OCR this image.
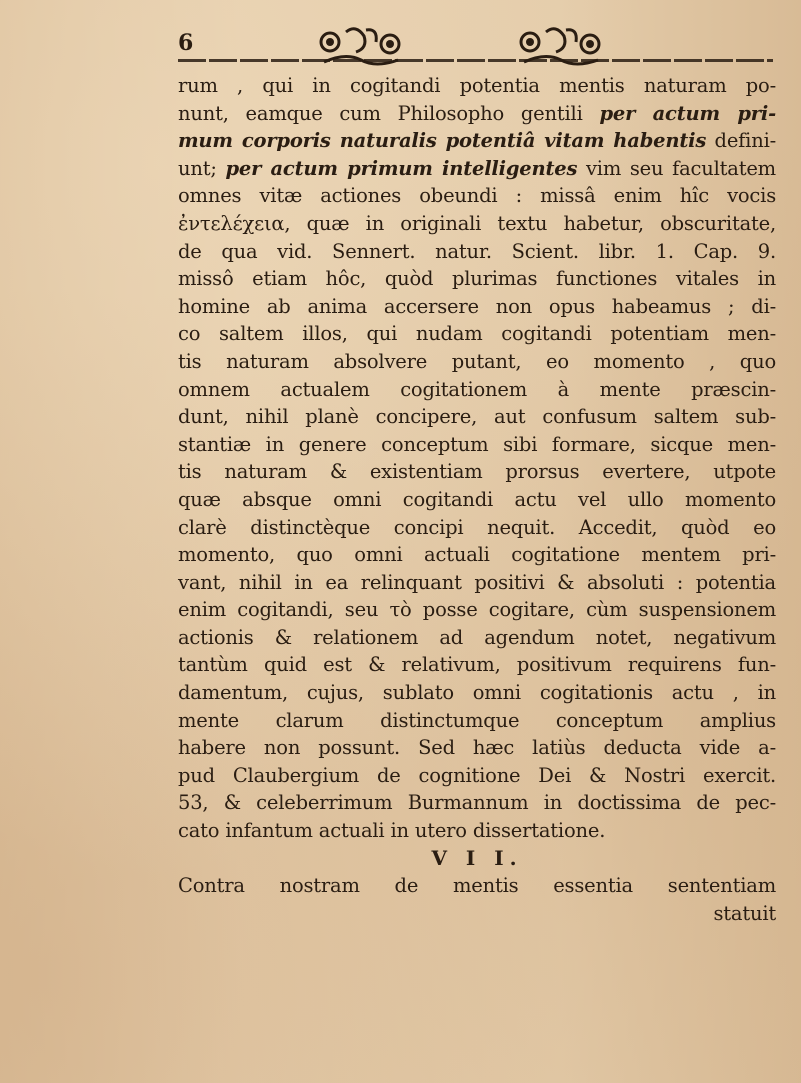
6
rum , qui in cogitandi potentia mentis naturam po-
nunt, eamque cum Philosopho gentili per actum pri-
mum corporis naturalis potentiâ vitam habentis defini-
unt; per actum primum intelligentes vim seu facultatem
omnes vitæ actiones obeundi : missâ enim hîc vocis
ἐντελέχεια, quæ in originali textu habetur, obscuritate,
de qua vid. Sennert. natur. Scient. libr. 1. Cap. 9.
missô etiam hôc, quòd plurimas functiones vitales in
homine ab anima accersere non opus habeamus ; di-
co saltem illos, qui nudam cogitandi potentiam men-
tis naturam absolvere putant, eo momento , quo
omnem actualem cogitationem à mente præscin-
dunt, nihil planè concipere, aut confusum saltem sub-
stantiæ in genere conceptum sibi formare, sicque men-
tis naturam & existentiam prorsus evertere, utpote
quæ absque omni cogitandi actu vel ullo momento
clarè distinctèque concipi nequit. Accedit, quòd eo
momento, quo omni actuali cogitatione mentem pri-
vant, nihil in ea relinquant positivi & absoluti : potentia
enim cogitandi, seu τὸ posse cogitare, cùm suspensionem
actionis & relationem ad agendum notet, negativum
tantùm quid est & relativum, positivum requirens fun-
damentum, cujus, sublato omni cogitationis actu , in
mente clarum distinctumque conceptum amplius
habere non possunt. Sed hæc latiùs deducta vide a-
pud Claubergium de cognitione Dei & Nostri exercit.
53, & celeberrimum Burmannum in doctissima de pec-
cato infantum actuali in utero dissertatione.
V I I.
Contra nostram de mentis essentia sententiam
statuit
